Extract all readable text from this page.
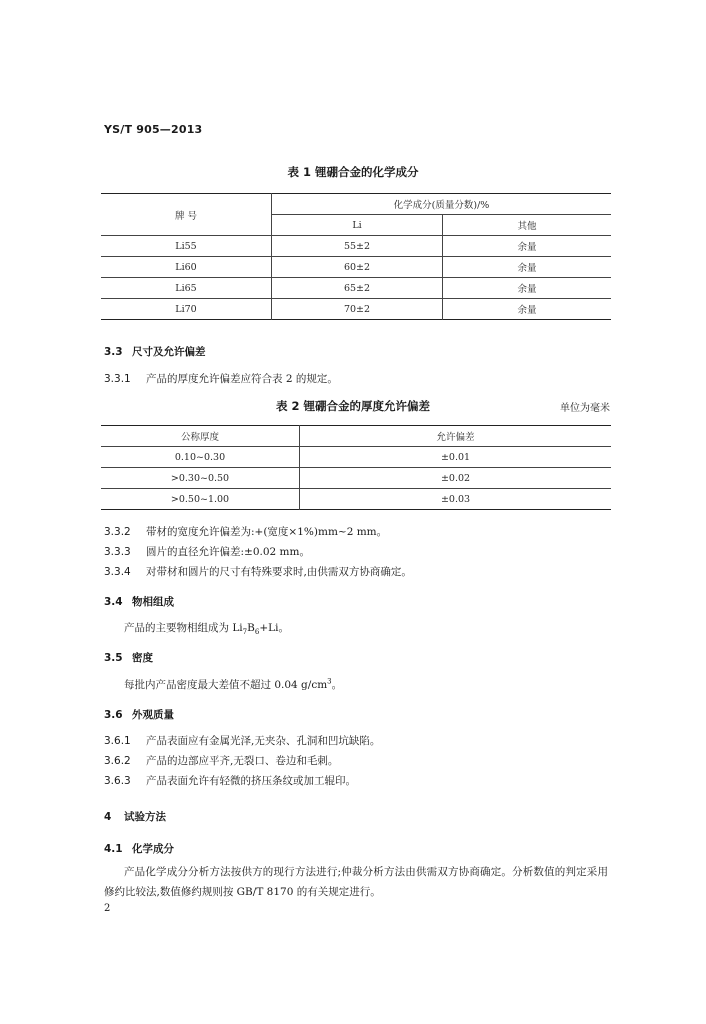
YS/T 905—2013
表 1 锂硼合金的化学成分
牌 号	化学成分(质量分数)/%	
	Li	其他
Li55	55±2	余量
Li60	60±2	余量
Li65	65±2	余量
Li70	70±2	余量
3.3 尺寸及允许偏差
3.3.1 产品的厚度允许偏差应符合表 2 的规定。
表 2 锂硼合金的厚度允许偏差	单位为毫米
公称厚度	允许偏差
0.10~0.30	±0.01
>0.30~0.50	±0.02
>0.50~1.00	±0.03
3.3.2 带材的宽度允许偏差为:+(宽度×1%)mm~2 mm。
3.3.3 圆片的直径允许偏差:±0.02 mm。
3.3.4 对带材和圆片的尺寸有特殊要求时,由供需双方协商确定。
3.4 物相组成
产品的主要物相组成为 $Li_7B_6+Li$。
3.5 密度
每批内产品密度最大差值不超过 0.04 $g/cm^3$。
3.6 外观质量
3.6.1 产品表面应有金属光泽,无夹杂、孔洞和凹坑缺陷。
3.6.2 产品的边部应平齐,无裂口、卷边和毛刺。
3.6.3 产品表面允许有轻微的挤压条纹或加工辊印。
4 试验方法
4.1 化学成分
产品化学成分分析方法按供方的现行方法进行;仲裁分析方法由供需双方协商确定。分析数值的判定采用修约比较法,数值修约规则按 GB/T 8170 的有关规定进行。
2
